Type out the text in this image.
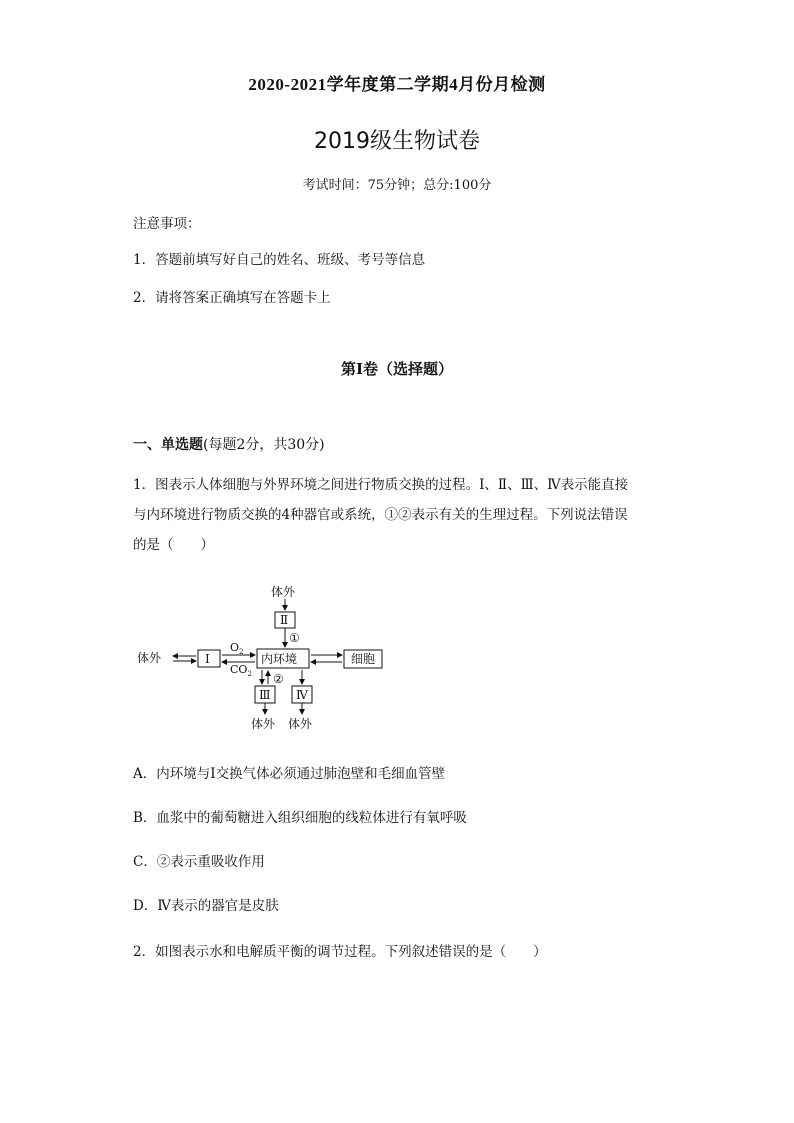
2020-2021学年度第二学期4月份月检测
2019级生物试卷
考试时间：75分钟；总分:100分
注意事项：
1．答题前填写好自己的姓名、班级、考号等信息
2．请将答案正确填写在答题卡上
第Ⅰ卷（选择题）
一、单选题(每题2分，共30分)
1．图表示人体细胞与外界环境之间进行物质交换的过程。Ⅰ、Ⅱ、Ⅲ、Ⅳ表示能直接
与内环境进行物质交换的4种器官或系统，①②表示有关的生理过程。下列说法错误
的是（　　）
体外
Ⅱ
①
体外	Ⅰ
$O_2$
$CO_2$
内环境	细胞
②
Ⅲ
体外
Ⅳ
体外
A．内环境与Ⅰ交换气体必须通过肺泡壁和毛细血管壁
B．血浆中的葡萄糖进入组织细胞的线粒体进行有氧呼吸
C．②表示重吸收作用
D．Ⅳ表示的器官是皮肤
2．如图表示水和电解质平衡的调节过程。下列叙述错误的是（　　）
